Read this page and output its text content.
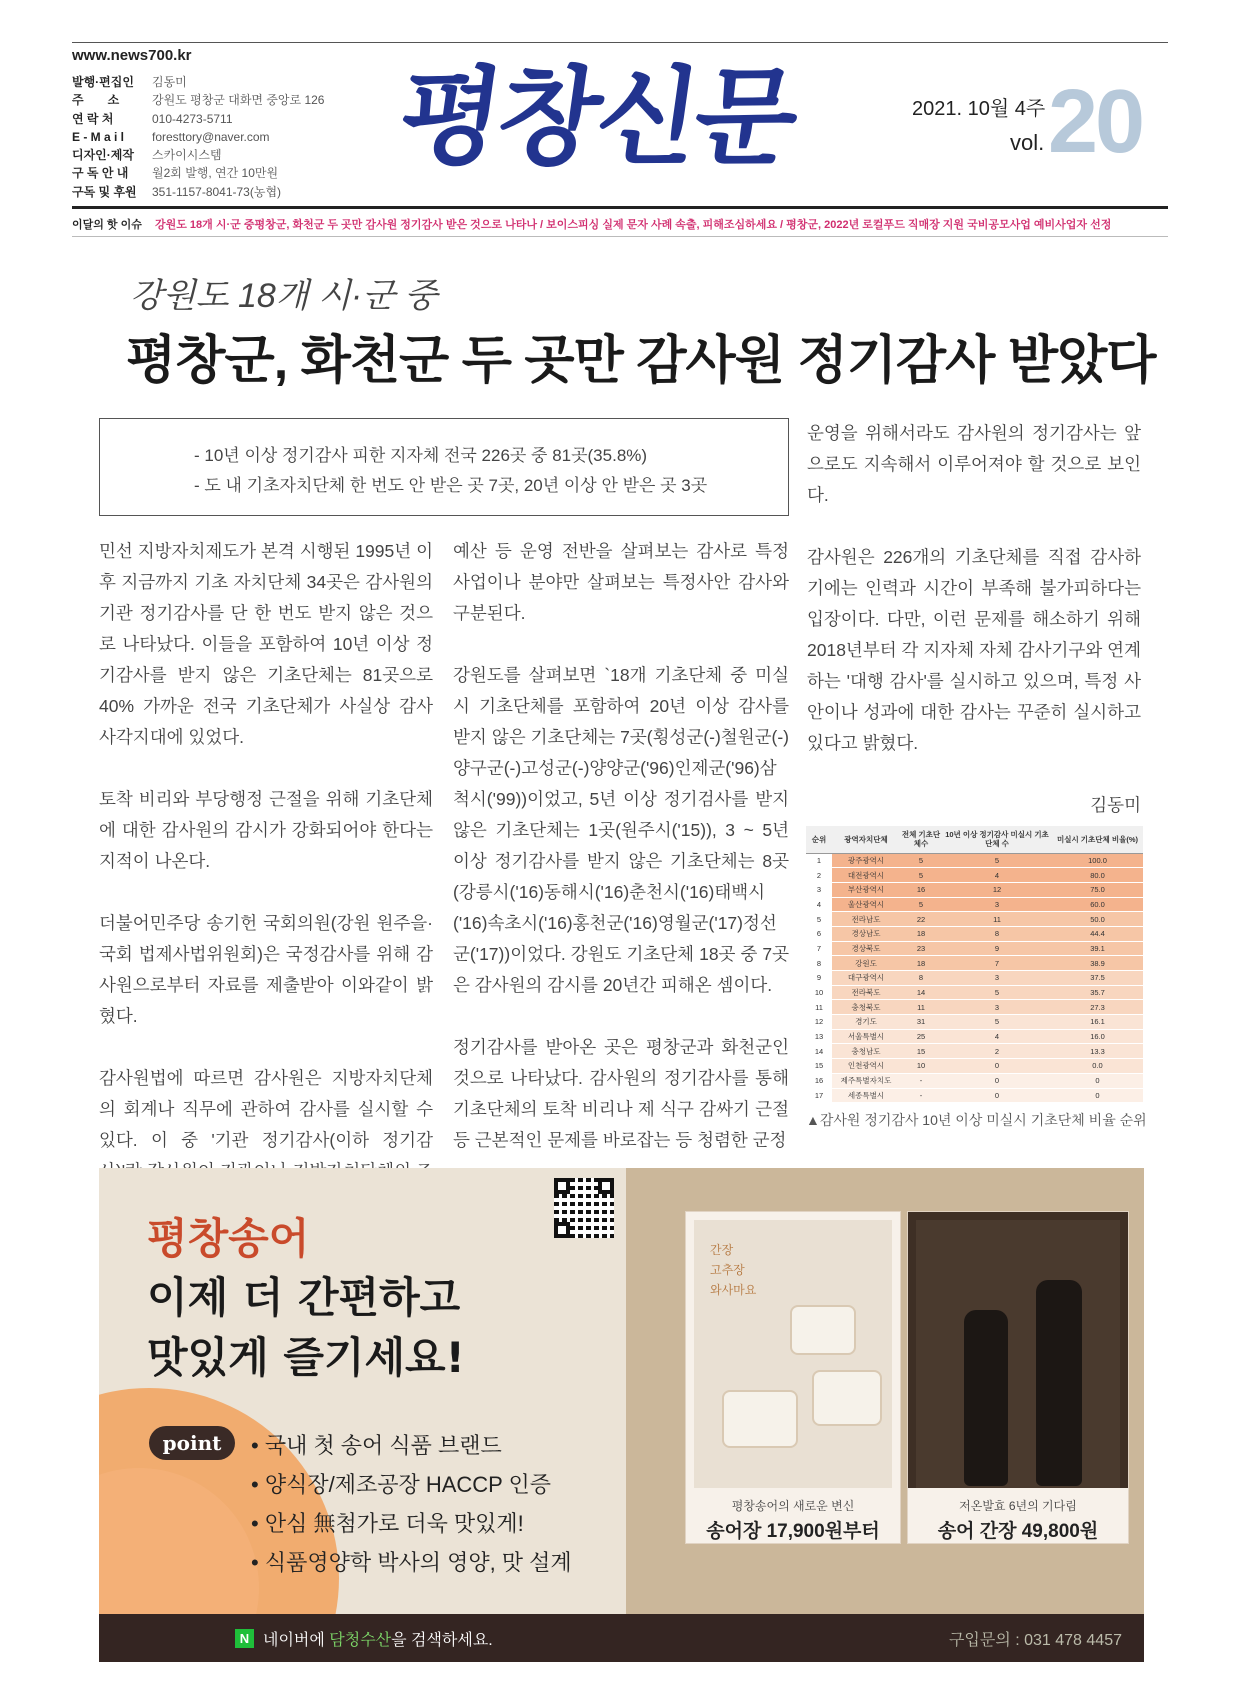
www.news700.kr
발행·편집인	김동미
주　　소	강원도 평창군 대화면 중앙로 126
연 락 처	010-4273-5711
E - M a i l	foresttory@naver.com
디자인·제작	스카이시스템
구 독 안 내	월2회 발행, 연간 10만원
구독 및 후원	351-1157-8041-73(농협)
평창신문	2021. 10월 4주
vol. 20
이달의 핫 이슈 강원도 18개 시·군 중평창군, 화천군 두 곳만 감사원 정기감사 받은 것으로 나타나 / 보이스피싱 실제 문자 사례 속출, 피해조심하세요 / 평창군, 2022년 로컬푸드 직매장 지원 국비공모사업 예비사업자 선정
강원도 18개 시·군 중
평창군, 화천군 두 곳만 감사원 정기감사 받았다
- 10년 이상 정기감사 피한 지자체 전국 226곳 중 81곳(35.8%)
- 도 내 기초자치단체 한 번도 안 받은 곳 7곳, 20년 이상 안 받은 곳 3곳

민선 지방자치제도가 본격 시행된 1995년 이후 지금까지 기초 자치단체 34곳은 감사원의 기관 정기감사를 단 한 번도 받지 않은 것으로 나타났다. 이들을 포함하여 10년 이상 정기감사를 받지 않은 기초단체는 81곳으로 40% 가까운 전국 기초단체가 사실상 감사 사각지대에 있었다.

토착 비리와 부당행정 근절을 위해 기초단체에 대한 감사원의 감시가 강화되어야 한다는 지적이 나온다.

더불어민주당 송기헌 국회의원(강원 원주을·국회 법제사법위원회)은 국정감사를 위해 감사원으로부터 자료를 제출받아 이와같이 밝혔다.

감사원법에 따르면 감사원은 지방자치단체의 회계나 직무에 관하여 감사를 실시할 수 있다. 이 중 '기관 정기감사(이하 정기감

예산 등 운영 전반을 살펴보는 감사로 특정 사업이나 분야만 살펴보는 특정사안 감사와 구분된다.

강원도를 살펴보면 `18개 기초단체 중 미실시 기초단체를 포함하여 20년 이상 감사를 받지 않은 기초단체는 7곳(횡성군(-)철원군(-)양구군(-)고성군(-)양양군('96)인제군('96)삼척시('99))이었고, 5년 이상 정기검사를 받지 않은 기초단체는 1곳(원주시('15)), 3 ~ 5년 이상 정기감사를 받지 않은 기초단체는 8곳(강릉시('16)동해시('16)춘천시('16)태백시('16)속초시('16)홍천군('16)영월군('17)정선군('17))이었다. 강원도 기초단체 18곳 중 7곳은 감사원의 감시를 20년간 피해온 셈이다.

정기감사를 받아온 곳은 평창군과 화천군인 것으로 나타났다. 감사원의 정기감사를 통해 기초단체의 토착 비리나 제 식구 감싸기 근절 등 근본적인 문제를 바로잡는 등 청렴한 군정

운영을 위해서라도 감사원의 정기감사는 앞으로도 지속해서 이루어져야 할 것으로 보인다.

감사원은 226개의 기초단체를 직접 감사하기에는 인력과 시간이 부족해 불가피하다는 입장이다. 다만, 이런 문제를 해소하기 위해 2018년부터 각 지자체 자체 감사기구와 연계하는 '대행 감사'를 실시하고 있으며, 특정 사안이나 성과에 대한 감사는 꾸준히 실시하고 있다고 밝혔다.

김동미

순위	광역자치단체	전체 기초단체수	10년 이상 정기감사 미실시 기초단체 수	미실시 기초단체 비율(%)
1	광주광역시	5	5	100.0
2	대전광역시	5	4	80.0
3	부산광역시	16	12	75.0
4	울산광역시	5	3	60.0
5	전라남도	22	11	50.0
6	경상남도	18	8	44.4
7	경상북도	23	9	39.1
8	강원도	18	7	38.9
9	대구광역시	8	3	37.5
10	전라북도	14	5	35.7
11	충청북도	11	3	27.3
12	경기도	31	5	16.1
13	서울특별시	25	4	16.0
14	충청남도	15	2	13.3
15	인천광역시	10	0	0.0
16	제주특별자치도	-	0	0
17	세종특별시	-	0	0
▲감사원 정기감사 10년 이상 미실시 기초단체 비율 순위
평창송어
이제 더 간편하고
맛있게 즐기세요!
point	• 국내 첫 송어 식품 브랜드
• 양식장/제조공장 HACCP 인증
• 안심 無첨가로 더욱 맛있게!
• 식품영양학 박사의 영양, 맛 설계
간장
고추장
와사마요
평창송어의 새로운 변신
송어장 17,900원부터
저온발효 6년의 기다림
송어 간장 49,800원
N 네이버에 담청수산을 검색하세요.	구입문의 : 031 478 4457
